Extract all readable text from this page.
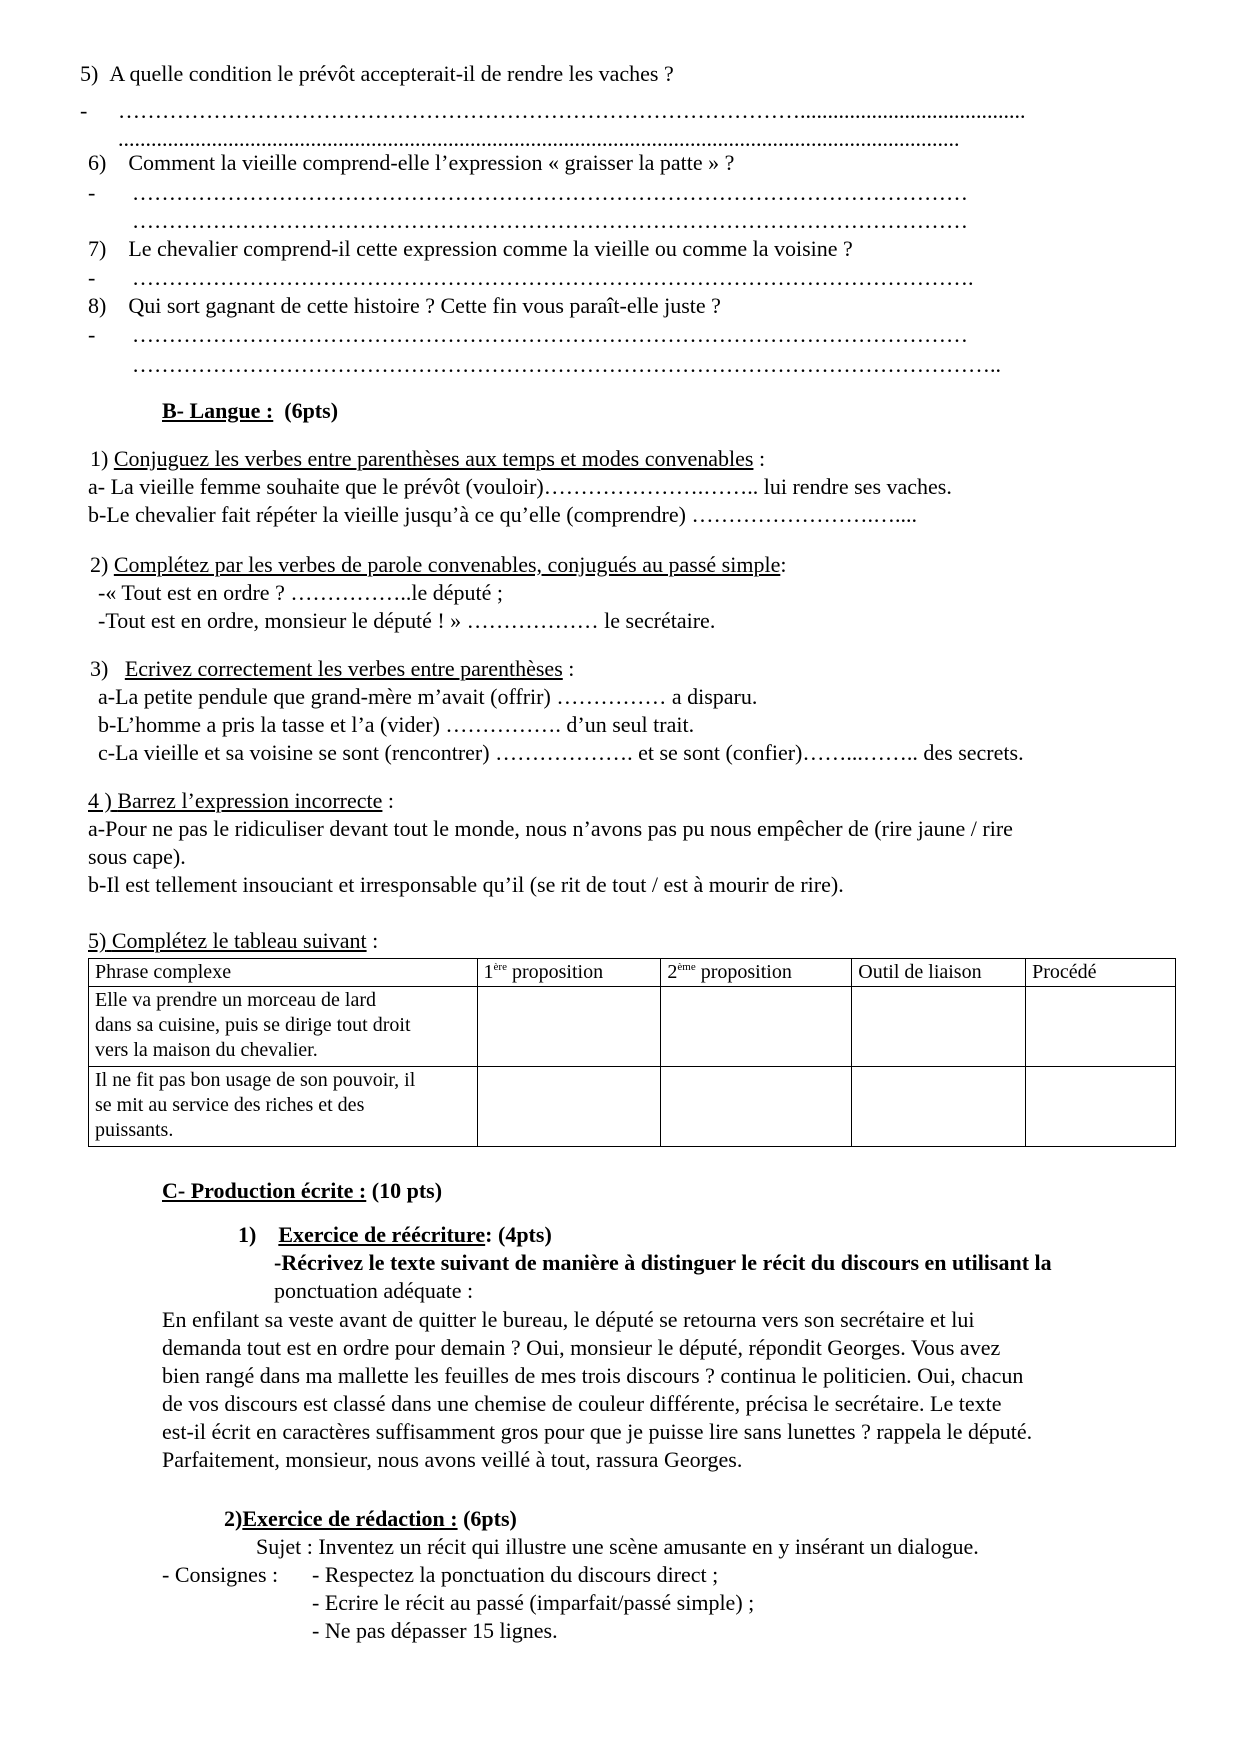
5) A quelle condition le prévôt accepterait-il de rendre les vaches ?
- ………………………………………………………………………………….........................................
.........................................................................................................................................................
6) Comment la vieille comprend-elle l’expression « graisser la patte » ?
- ……………………………………………………………………………………………………
……………………………………………………………………………………………………
7) Le chevalier comprend-il cette expression comme la vieille ou comme la voisine ?
- …………………………………………………………………………………………………….
8) Qui sort gagnant de cette histoire ? Cette fin vous paraît-elle juste ?
- ……………………………………………………………………………………………………
………………………………………………………………………………………………………..
B- Langue : (6pts)
1) Conjuguez les verbes entre parenthèses aux temps et modes convenables :
a- La vieille femme souhaite que le prévôt (vouloir)………………….…….. lui rendre ses vaches.
b-Le chevalier fait répéter la vieille jusqu’à ce qu’elle (comprendre) …………………….…....
2) Complétez par les verbes de parole convenables, conjugués au passé simple:
-« Tout est en ordre ? ……………..le député ;
-Tout est en ordre, monsieur le député ! » ……………… le secrétaire.
3) Ecrivez correctement les verbes entre parenthèses :
a-La petite pendule que grand-mère m’avait (offrir) …………… a disparu.
b-L’homme a pris la tasse et l’a (vider) ……………. d’un seul trait.
c-La vieille et sa voisine se sont (rencontrer) ………………. et se sont (confier)……...…….. des secrets.
4 ) Barrez l’expression incorrecte :
a-Pour ne pas le ridiculiser devant tout le monde, nous n’avons pas pu nous empêcher de (rire jaune / rire
sous cape).
b-Il est tellement insouciant et irresponsable qu’il (se rit de tout / est à mourir de rire).
5) Complétez le tableau suivant :
Phrase complexe	1ère proposition	2ème proposition	Outil de liaison	Procédé

Elle va prendre un morceau de lard
dans sa cuisine, puis se dirige tout droit
vers la maison du chevalier.				

Il ne fit pas bon usage de son pouvoir, il
se mit au service des riches et des
puissants.				

C- Production écrite : (10 pts)
1) Exercice de réécriture: (4pts)
-Récrivez le texte suivant de manière à distinguer le récit du discours en utilisant la
ponctuation adéquate :
En enfilant sa veste avant de quitter le bureau, le député se retourna vers son secrétaire et lui
demanda tout est en ordre pour demain ? Oui, monsieur le député, répondit Georges. Vous avez
bien rangé dans ma mallette les feuilles de mes trois discours ? continua le politicien. Oui, chacun
de vos discours est classé dans une chemise de couleur différente, précisa le secrétaire. Le texte
est-il écrit en caractères suffisamment gros pour que je puisse lire sans lunettes ? rappela le député.
Parfaitement, monsieur, nous avons veillé à tout, rassura Georges.
2)Exercice de rédaction : (6pts)
Sujet : Inventez un récit qui illustre une scène amusante en y insérant un dialogue.
- Consignes : - Respectez la ponctuation du discours direct ;
- Ecrire le récit au passé (imparfait/passé simple) ;
- Ne pas dépasser 15 lignes.
